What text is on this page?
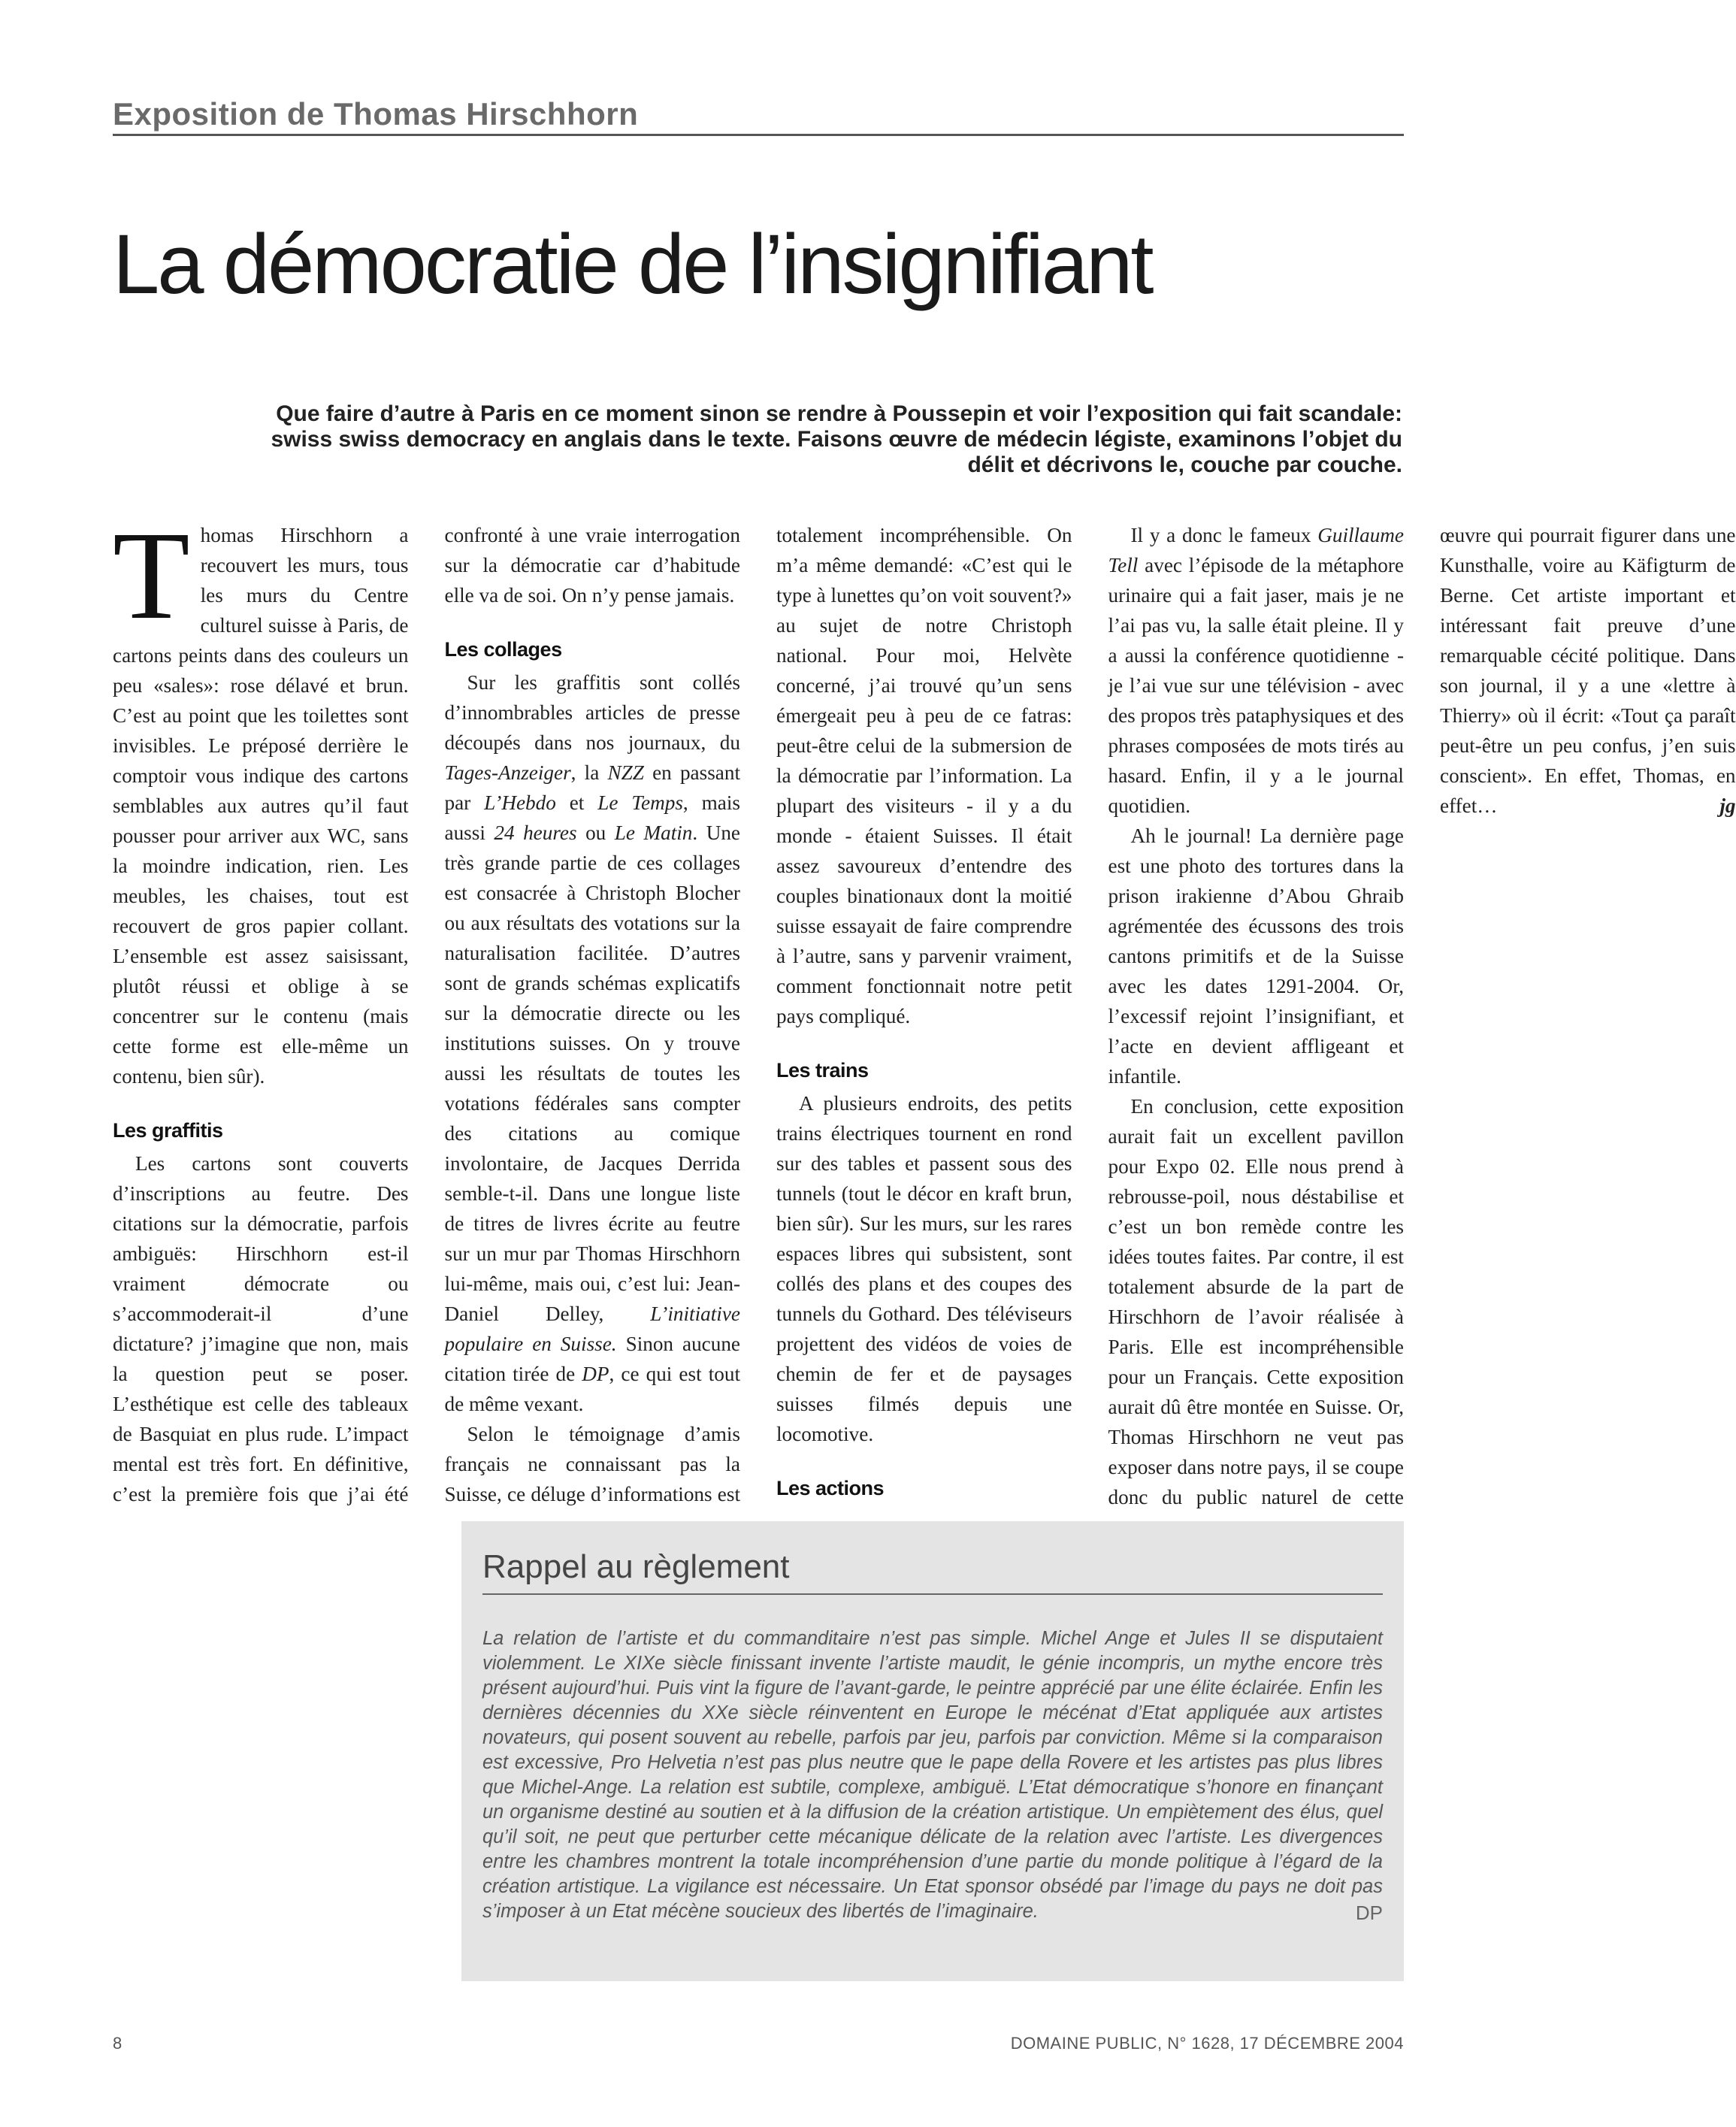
Exposition de Thomas Hirschhorn
La démocratie de l’insignifiant
Que faire d’autre à Paris en ce moment sinon se rendre à Poussepin et voir l’exposition qui fait scandale: swiss swiss democracy en anglais dans le texte. Faisons œuvre de médecin légiste, examinons l’objet du délit et décrivons le, couche par couche.

Thomas Hirschhorn a recouvert les murs, tous les murs du Centre culturel suisse à Paris, de cartons peints dans des couleurs un peu «sales»: rose délavé et brun. C’est au point que les toilettes sont invisibles. Le préposé derrière le comptoir vous indique des cartons semblables aux autres qu’il faut pousser pour arriver aux WC, sans la moindre indication, rien. Les meubles, les chaises, tout est recouvert de gros papier collant. L’ensemble est assez saisissant, plutôt réussi et oblige à se concentrer sur le contenu (mais cette forme est elle-même un contenu, bien sûr).

Les graffitis

Les cartons sont couverts d’inscriptions au feutre. Des citations sur la démocratie, parfois ambiguës: Hirschhorn est-il vraiment démocrate ou s’accommoderait-il d’une dictature? j’imagine que non, mais la question peut se poser. L’esthétique est celle des tableaux de Basquiat en plus rude. L’impact mental est très fort. En définitive, c’est la première fois que j’ai été confronté à une vraie interrogation sur la démocratie car d’habitude elle va de soi. On n’y pense jamais.

Les collages

Sur les graffitis sont collés d’innombrables articles de presse découpés dans nos journaux, du Tages-Anzeiger, la NZZ en passant par L’Hebdo et Le Temps, mais aussi 24 heures ou Le Matin. Une très grande partie de ces collages est consacrée à Christoph Blocher ou aux résultats des votations sur la naturalisation facilitée. D’autres sont de grands schémas explicatifs sur la démocratie directe ou les institutions suisses. On y trouve aussi les résultats de toutes les votations fédérales sans compter des citations au comique involontaire, de Jacques Derrida semble-t-il. Dans une longue liste de titres de livres écrite au feutre sur un mur par Thomas Hirschhorn lui-même, mais oui, c’est lui: Jean-Daniel Delley, L’initiative populaire en Suisse. Sinon aucune citation tirée de DP, ce qui est tout de même vexant.

Selon le témoignage d’amis français ne connaissant pas la Suisse, ce déluge d’informations est totalement incompréhensible. On m’a même demandé: «C’est qui le type à lunettes qu’on voit souvent?» au sujet de notre Christoph national. Pour moi, Helvète concerné, j’ai trouvé qu’un sens émergeait peu à peu de ce fatras: peut-être celui de la submersion de la démocratie par l’information. La plupart des visiteurs - il y a du monde - étaient Suisses. Il était assez savoureux d’entendre des couples binationaux dont la moitié suisse essayait de faire comprendre à l’autre, sans y parvenir vraiment, comment fonctionnait notre petit pays compliqué.

Les trains

A plusieurs endroits, des petits trains électriques tournent en rond sur des tables et passent sous des tunnels (tout le décor en kraft brun, bien sûr). Sur les murs, sur les rares espaces libres qui subsistent, sont collés des plans et des coupes des tunnels du Gothard. Des téléviseurs projettent des vidéos de voies de chemin de fer et de paysages suisses filmés depuis une locomotive.

Les actions

Il y a donc le fameux Guillaume Tell avec l’épisode de la métaphore urinaire qui a fait jaser, mais je ne l’ai pas vu, la salle était pleine. Il y a aussi la conférence quotidienne - je l’ai vue sur une télévision - avec des propos très pataphysiques et des phrases composées de mots tirés au hasard. Enfin, il y a le journal quotidien.

Ah le journal! La dernière page est une photo des tortures dans la prison irakienne d’Abou Ghraib agrémentée des écussons des trois cantons primitifs et de la Suisse avec les dates 1291-2004. Or, l’excessif rejoint l’insignifiant, et l’acte en devient affligeant et infantile.

En conclusion, cette exposition aurait fait un excellent pavillon pour Expo 02. Elle nous prend à rebrousse-poil, nous déstabilise et c’est un bon remède contre les idées toutes faites. Par contre, il est totalement absurde de la part de Hirschhorn de l’avoir réalisée à Paris. Elle est incompréhensible pour un Français. Cette exposition aurait dû être montée en Suisse. Or, Thomas Hirschhorn ne veut pas exposer dans notre pays, il se coupe donc du public naturel de cette œuvre qui pourrait figurer dans une Kunsthalle, voire au Käfigturm de Berne. Cet artiste important et intéressant fait preuve d’une remarquable cécité politique. Dans son journal, il y a une «lettre à Thierry» où il écrit: «Tout ça paraît peut-être un peu confus, j’en suis conscient». En effet, Thomas, en effet…	jg
Rappel au règlement

La relation de l’artiste et du commanditaire n’est pas simple. Michel Ange et Jules II se disputaient violemment. Le XIXe siècle finissant invente l’artiste maudit, le génie incompris, un mythe encore très présent aujourd’hui. Puis vint la figure de l’avant-garde, le peintre apprécié par une élite éclairée. Enfin les dernières décennies du XXe siècle réinventent en Europe le mécénat d’Etat appliquée aux artistes novateurs, qui posent souvent au rebelle, parfois par jeu, parfois par conviction. Même si la comparaison est excessive, Pro Helvetia n’est pas plus neutre que le pape della Rovere et les artistes pas plus libres que Michel-Ange. La relation est subtile, complexe, ambiguë. L’Etat démocratique s’honore en finançant un organisme destiné au soutien et à la diffusion de la création artistique. Un empiètement des élus, quel qu’il soit, ne peut que perturber cette mécanique délicate de la relation avec l’artiste. Les divergences entre les chambres montrent la totale incompréhension d’une partie du monde politique à l’égard de la création artistique. La vigilance est nécessaire. Un Etat sponsor obsédé par l’image du pays ne doit pas s’imposer à un Etat mécène soucieux des libertés de l’imaginaire.	DP
8	DOMAINE PUBLIC, N° 1628, 17 DÉCEMBRE 2004
